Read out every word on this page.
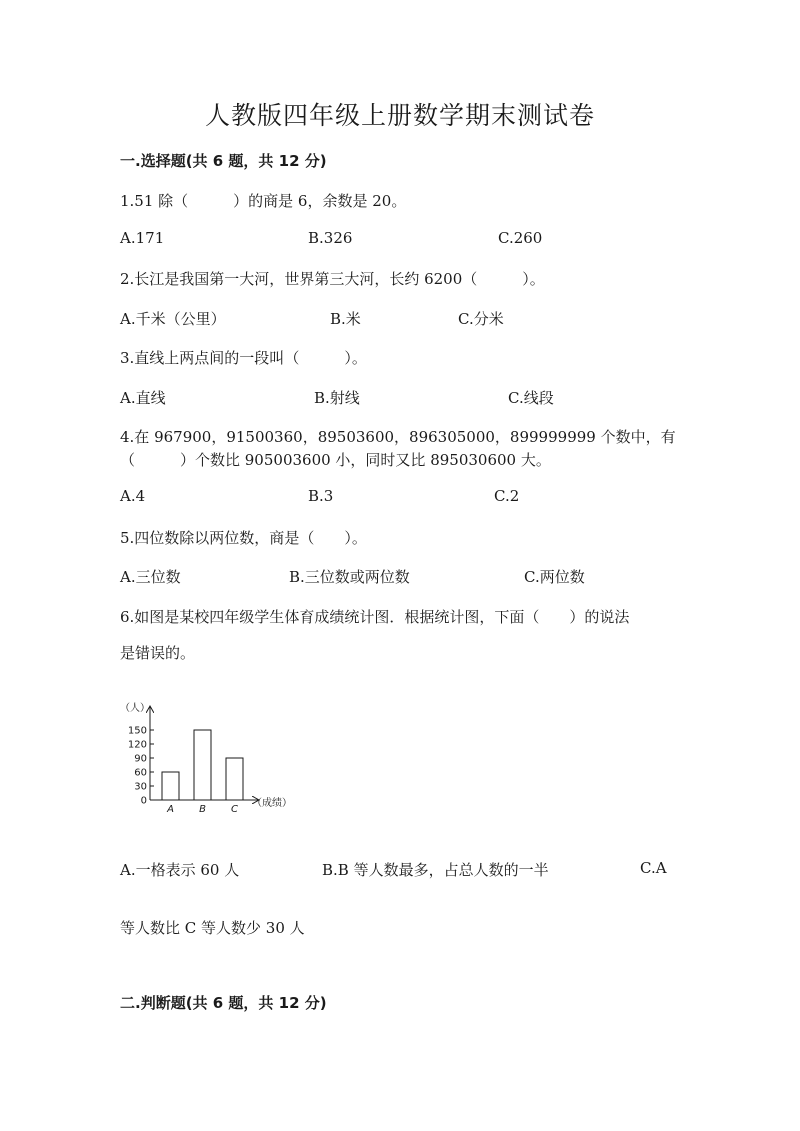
人教版四年级上册数学期末测试卷
一.选择题(共 6 题，共 12 分)
1.51 除（　　　）的商是 6，余数是 20。
A.171	B.326	C.260
2.长江是我国第一大河，世界第三大河，长约 6200（　　　）。
A.千米（公里）	B.米	C.分米
3.直线上两点间的一段叫（　　　）。
A.直线	B.射线	C.线段
4.在 967900，91500360，89503600，896305000，899999999 个数中，有
（　　　）个数比 905003600 小，同时又比 895030600 大。
A.4	B.3	C.2
5.四位数除以两位数，商是（　　）。
A.三位数	B.三位数或两位数	C.两位数
6.如图是某校四年级学生体育成绩统计图．根据统计图，下面（　　）的说法
是错误的。
（人）
150
120
90
60
30
0
A	B	C
（成绩）
A.一格表示 60 人	B.B 等人数最多，占总人数的一半	C.A
等人数比 C 等人数少 30 人
二.判断题(共 6 题，共 12 分)
